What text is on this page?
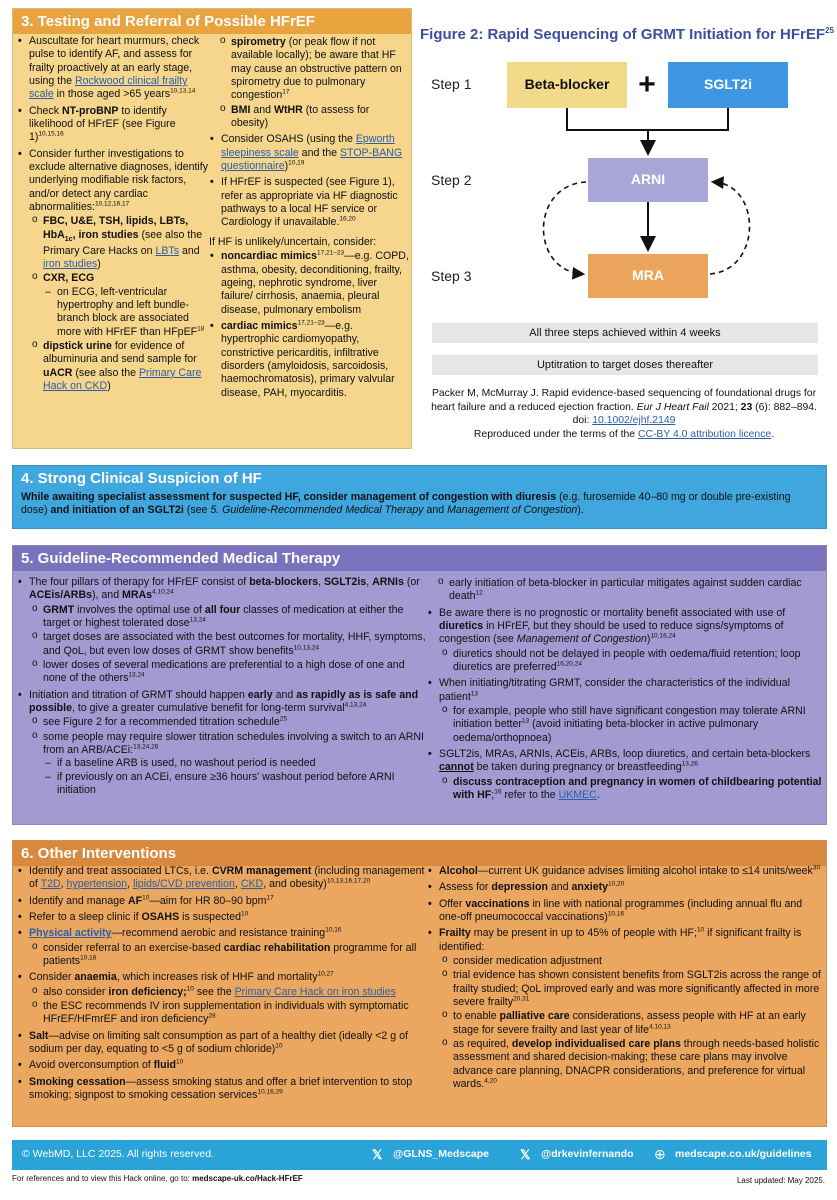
3. Testing and Referral of Possible HFrEF
• Auscultate for heart murmurs, check pulse to identify AF, and assess for frailty proactively at an early stage, using the Rockwood clinical frailty scale in those aged >65 years$^{10,13,14}$
• Check NT-proBNP to identify likelihood of HFrEF (see Figure 1)$^{10,15,16}$
• Consider further investigations to exclude alternative diagnoses, identify underlying modifiable risk factors, and/or detect any cardiac abnormalities:$^{10,12,16,17}$
o FBC, U&E, TSH, lipids, LBTs, HbA$_{1c}$, iron studies (see also the Primary Care Hacks on LBTs and iron studies)
o CXR, ECG
– on ECG, left-ventricular hypertrophy and left bundle-branch block are associated more with HFrEF than HFpEF$^{18}$
o dipstick urine for evidence of albuminuria and send sample for uACR (see also the Primary Care Hack on CKD)
o spirometry (or peak flow if not available locally); be aware that HF may cause an obstructive pattern on spirometry due to pulmonary congestion$^{17}$
o BMI and WtHR (to assess for obesity)
• Consider OSAHS (using the Epworth sleepiness scale and the STOP-BANG questionnaire)$^{10,19}$
• If HFrEF is suspected (see Figure 1), refer as appropriate via HF diagnostic pathways to a local HF service or Cardiology if unavailable.$^{16,20}$
If HF is unlikely/uncertain, consider:
• noncardiac mimics$^{17,21-23}$—e.g. COPD, asthma, obesity, deconditioning, frailty, ageing, nephrotic syndrome, liver failure/ cirrhosis, anaemia, pleural disease, pulmonary embolism
• cardiac mimics$^{17,21-23}$—e.g. hypertrophic cardiomyopathy, constrictive pericarditis, infiltrative disorders (amyloidosis, sarcoidosis, haemochromatosis), primary valvular disease, PAH, myocarditis.
Figure 2: Rapid Sequencing of GRMT Initiation for HFrEF$^{25}$
Step 1
Step 2
Step 3
Beta-blocker +	SGLT2i
ARNI
MRA
All three steps achieved within 4 weeks
Uptitration to target doses thereafter
Packer M, McMurray J. Rapid evidence-based sequencing of foundational drugs for heart failure and a reduced ejection fraction. Eur J Heart Fail 2021; 23 (6): 882–894.
doi: 10.1002/ejhf.2149
Reproduced under the terms of the CC-BY 4.0 attribution licence.
4. Strong Clinical Suspicion of HF
While awaiting specialist assessment for suspected HF, consider management of congestion with diuresis (e.g. furosemide 40–80 mg or double pre-existing dose) and initiation of an SGLT2i (see 5. Guideline-Recommended Medical Therapy and Management of Congestion).
5. Guideline-Recommended Medical Therapy
• The four pillars of therapy for HFrEF consist of beta-blockers, SGLT2is, ARNIs (or ACEis/ARBs), and MRAs$^{4,10,24}$
o GRMT involves the optimal use of all four classes of medication at either the target or highest tolerated dose$^{13,24}$
o target doses are associated with the best outcomes for mortality, HHF, symptoms, and QoL, but even low doses of GRMT show benefits$^{10,13,24}$
o lower doses of several medications are preferential to a high dose of one and none of the others$^{13,24}$
• Initiation and titration of GRMT should happen early and as rapidly as is safe and possible, to give a greater cumulative benefit for long-term survival$^{4,13,24}$
o see Figure 2 for a recommended titration schedule$^{25}$
o some people may require slower titration schedules involving a switch to an ARNI from an ARB/ACEi:$^{13,24,26}$
– if a baseline ARB is used, no washout period is needed
– if previously on an ACEi, ensure ≥36 hours' washout period before ARNI initiation
o early initiation of beta-blocker in particular mitigates against sudden cardiac death$^{12}$
• Be aware there is no prognostic or mortality benefit associated with use of diuretics in HFrEF, but they should be used to reduce signs/symptoms of congestion (see Management of Congestion)$^{10,16,24}$
o diuretics should not be delayed in people with oedema/fluid retention; loop diuretics are preferred$^{16,20,24}$
• When initiating/titrating GRMT, consider the characteristics of the individual patient$^{13}$
o for example, people who still have significant congestion may tolerate ARNI initiation better$^{13}$ (avoid initiating beta-blocker in active pulmonary oedema/orthopnoea)
• SGLT2is, MRAs, ARNIs, ACEis, ARBs, loop diuretics, and certain beta-blockers cannot be taken during pregnancy or breastfeeding$^{13,26}$
o discuss contraception and pregnancy in women of childbearing potential with HF;$^{16}$ refer to the UKMEC.
6. Other Interventions
• Identify and treat associated LTCs, i.e. CVRM management (including management of T2D, hypertension, lipids/CVD prevention, CKD, and obesity)$^{10,13,16,17,20}$
• Identify and manage AF$^{10}$—aim for HR 80–90 bpm$^{17}$
• Refer to a sleep clinic if OSAHS is suspected$^{10}$
• Physical activity—recommend aerobic and resistance training$^{10,16}$
o consider referral to an exercise-based cardiac rehabilitation programme for all patients$^{10,16}$
• Consider anaemia, which increases risk of HHF and mortality$^{10,27}$
o also consider iron deficiency;$^{10}$ see the Primary Care Hack on iron studies
o the ESC recommends IV iron supplementation in individuals with symptomatic HFrEF/HFmrEF and iron deficiency$^{28}$
• Salt—advise on limiting salt consumption as part of a healthy diet (ideally <2 g of sodium per day, equating to <5 g of sodium chloride)$^{10}$
• Avoid overconsumption of fluid$^{10}$
• Smoking cessation—assess smoking status and offer a brief intervention to stop smoking; signpost to smoking cessation services$^{10,16,29}$
• Alcohol—current UK guidance advises limiting alcohol intake to ≤14 units/week$^{30}$
• Assess for depression and anxiety$^{10,20}$
• Offer vaccinations in line with national programmes (including annual flu and one-off pneumococcal vaccinations)$^{10,16}$
• Frailty may be present in up to 45% of people with HF;$^{10}$ if significant frailty is identified:
o consider medication adjustment
o trial evidence has shown consistent benefits from SGLT2is across the range of frailty studied; QoL improved early and was more significantly affected in more severe frailty$^{20,31}$
o to enable palliative care considerations, assess people with HF at an early stage for severe frailty and last year of life$^{4,10,13}$
o as required, develop individualised care plans through needs-based holistic assessment and shared decision-making; these care plans may involve advance care planning, DNACPR considerations, and preference for virtual wards.$^{4,20}$
© WebMD, LLC 2025. All rights reserved.	𝕏 @GLNS_Medscape 𝕏 @drkevinfernando ⊕ medscape.co.uk/guidelines
For references and to view this Hack online, go to: medscape-uk.co/Hack-HFrEF	Last updated: May 2025.
